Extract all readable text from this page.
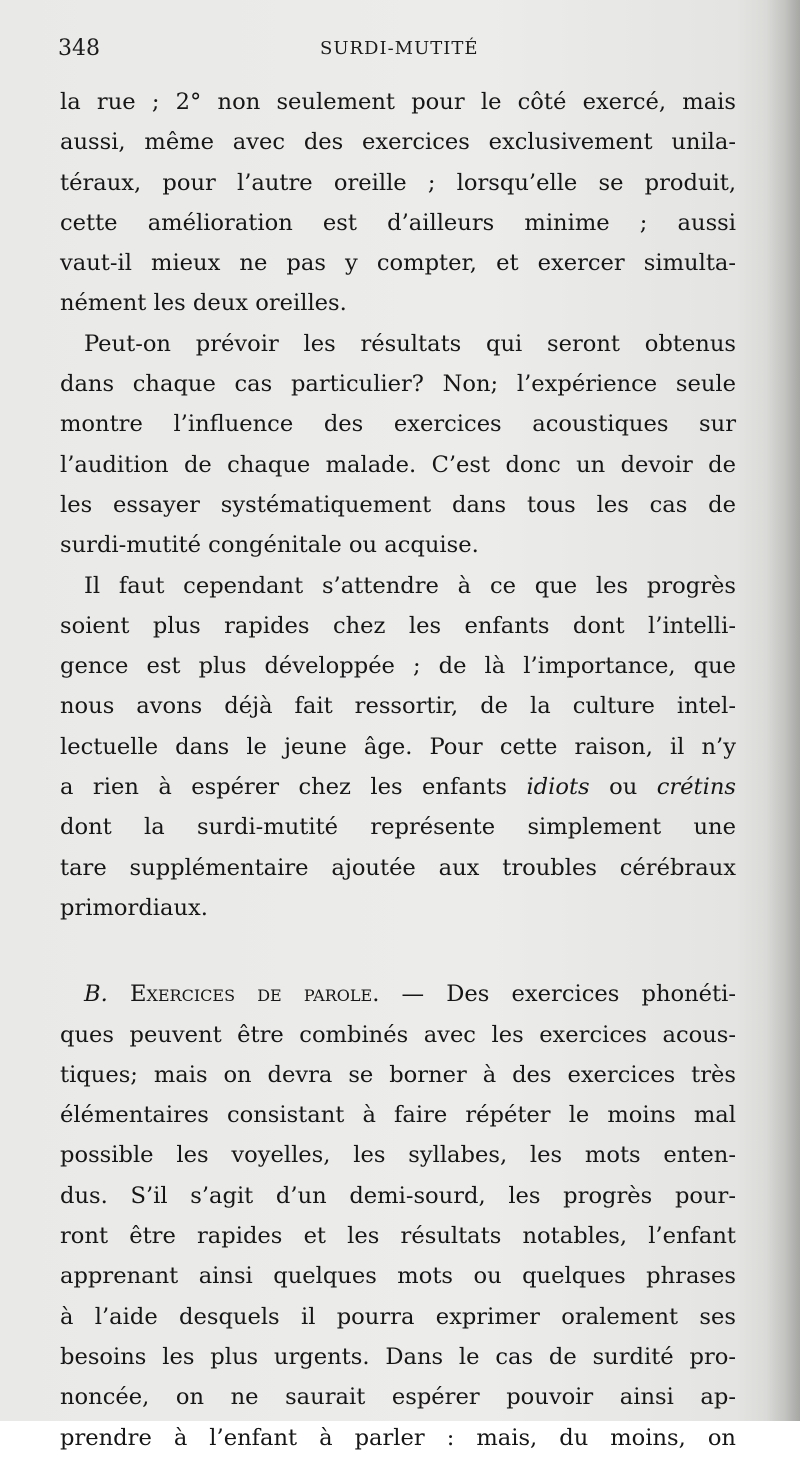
348	SURDI-MUTITÉ
la rue ; 2° non seulement pour le côté exercé, mais
aussi, même avec des exercices exclusivement unila-
téraux, pour l’autre oreille ; lorsqu’elle se produit,
cette amélioration est d’ailleurs minime ; aussi
vaut-il mieux ne pas y compter, et exercer simulta-
nément les deux oreilles.
Peut-on prévoir les résultats qui seront obtenus
dans chaque cas particulier? Non; l’expérience seule
montre l’influence des exercices acoustiques sur
l’audition de chaque malade. C’est donc un devoir de
les essayer systématiquement dans tous les cas de
surdi-mutité congénitale ou acquise.
Il faut cependant s’attendre à ce que les progrès
soient plus rapides chez les enfants dont l’intelli-
gence est plus développée ; de là l’importance, que
nous avons déjà fait ressortir, de la culture intel-
lectuelle dans le jeune âge. Pour cette raison, il n’y
a rien à espérer chez les enfants idiots ou crétins
dont la surdi-mutité représente simplement une
tare supplémentaire ajoutée aux troubles cérébraux
primordiaux.
B. Exercices de parole. — Des exercices phonéti-
ques peuvent être combinés avec les exercices acous-
tiques; mais on devra se borner à des exercices très
élémentaires consistant à faire répéter le moins mal
possible les voyelles, les syllabes, les mots enten-
dus. S’il s’agit d’un demi-sourd, les progrès pour-
ront être rapides et les résultats notables, l’enfant
apprenant ainsi quelques mots ou quelques phrases
à l’aide desquels il pourra exprimer oralement ses
besoins les plus urgents. Dans le cas de surdité pro-
noncée, on ne saurait espérer pouvoir ainsi ap-
prendre à l’enfant à parler : mais, du moins, on
